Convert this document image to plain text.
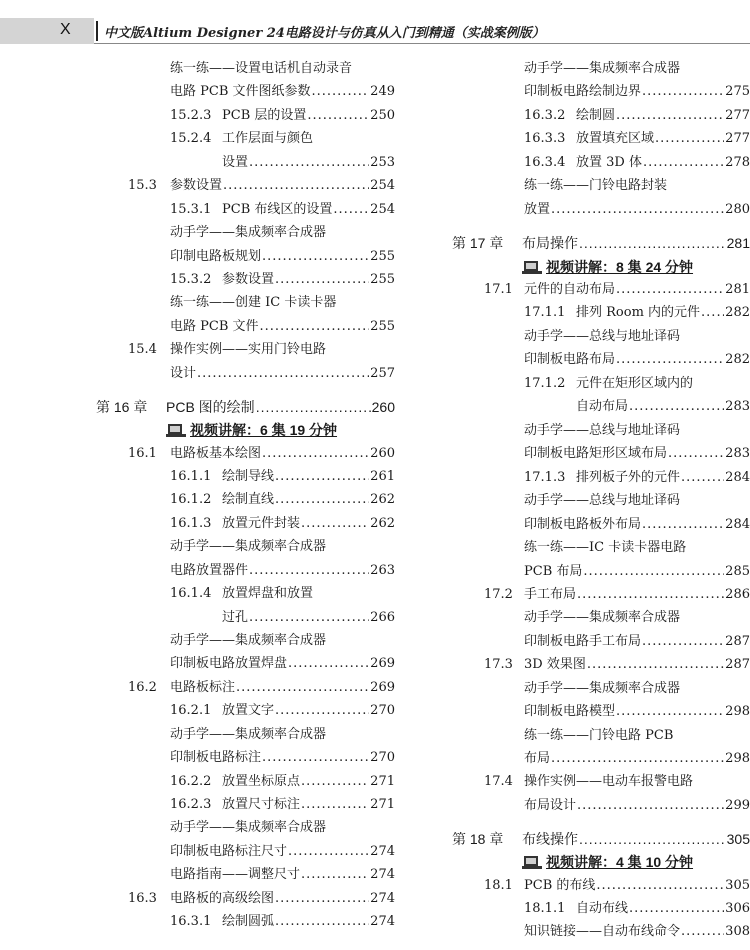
X	中文版Altium Designer 24电路设计与仿真从入门到精通（实战案例版）
练一练——设置电话机自动录音
电路 PCB 文件图纸参数 .....	249
15.2.3 PCB 层的设置 .....	250
15.2.4 工作层面与颜色
设置 .....	253
15.3 参数设置 .....	254
15.3.1 PCB 布线区的设置 .....	254
动手学——集成频率合成器
印制电路板规划 .....	255
15.3.2 参数设置 .....	255
练一练——创建 IC 卡读卡器
电路 PCB 文件 .....	255
15.4 操作实例——实用门铃电路
设计 .....	257
第 16 章 PCB 图的绘制 .....	260
视频讲解：6 集 19 分钟
16.1 电路板基本绘图 .....	260
16.1.1 绘制导线 .....	261
16.1.2 绘制直线 .....	262
16.1.3 放置元件封装 .....	262
动手学——集成频率合成器
电路放置器件 .....	263
16.1.4 放置焊盘和放置
过孔 .....	266
动手学——集成频率合成器
印制板电路放置焊盘 .....	269
16.2 电路板标注 .....	269
16.2.1 放置文字 .....	270
动手学——集成频率合成器
印制板电路标注 .....	270
16.2.2 放置坐标原点 .....	271
16.2.3 放置尺寸标注 .....	271
动手学——集成频率合成器
印制板电路标注尺寸 .....	274
电路指南——调整尺寸 .....	274
16.3 电路板的高级绘图 .....	274
16.3.1 绘制圆弧 .....	274
动手学——集成频率合成器
印制板电路绘制边界 .....	275
16.3.2 绘制圆 .....	277
16.3.3 放置填充区域 .....	277
16.3.4 放置 3D 体 .....	278
练一练——门铃电路封装
放置 .....	280
第 17 章 布局操作 .....	281
视频讲解：8 集 24 分钟
17.1 元件的自动布局 .....	281
17.1.1 排列 Room 内的元件 ..... 282
动手学——总线与地址译码
印制板电路布局 .....	282
17.1.2 元件在矩形区域内的
自动布局 .....	283
动手学——总线与地址译码
印制板电路矩形区域布局 .....	283
17.1.3 排列板子外的元件 .....	284
动手学——总线与地址译码
印制板电路板外布局 .....	284
练一练——IC 卡读卡器电路
PCB 布局 .....	285
17.2 手工布局 .....	286
动手学——集成频率合成器
印制板电路手工布局 .....	287
17.3 3D 效果图 .....	287
动手学——集成频率合成器
印制板电路模型 .....	298
练一练——门铃电路 PCB
布局 .....	298
17.4 操作实例——电动车报警电路
布局设计 .....	299
第 18 章 布线操作 .....	305
视频讲解：4 集 10 分钟
18.1 PCB 的布线 .....	305
18.1.1 自动布线 .....	306
知识链接——自动布线命令 .....	308
